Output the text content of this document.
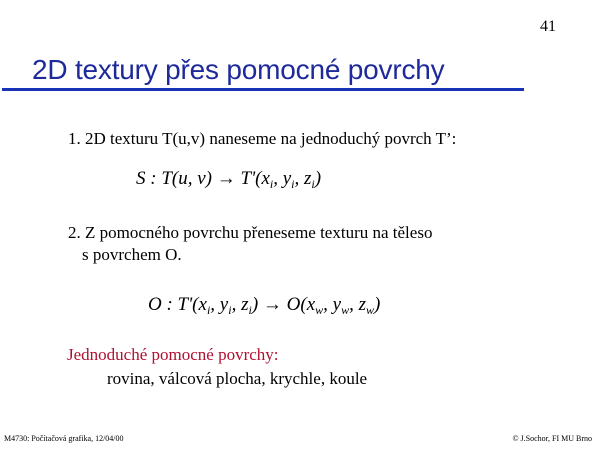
41
2D textury přes pomocné povrchy
1. 2D texturu T(u,v) naneseme na jednoduchý povrch T’:
S : T(u, $v) \to T'(x_i$, $y_i$, $z_i$)
2. Z pomocného povrchu přeneseme texturu na těleso
s povrchem O.
O : $T'(x_i$, $y_i$, $z_i) \to O(x_w$, $y_w$, $z_w$)
Jednoduché pomocné povrchy:
rovina, válcová plocha, krychle, koule
M4730: Počítačová grafika, 12/04/00	© J.Sochor, FI MU Brno
